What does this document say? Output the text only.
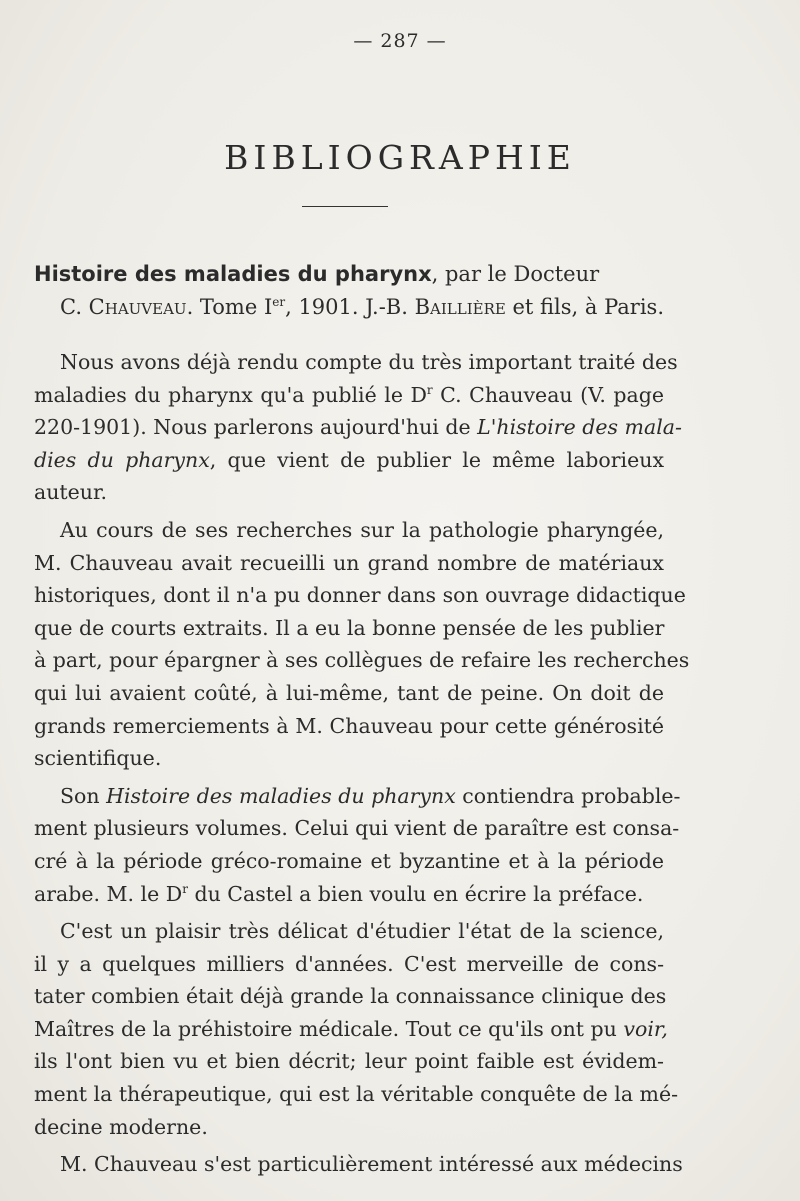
— 287 —
BIBLIOGRAPHIE
Histoire des maladies du pharynx, par le Docteur
C. Chauveau. Tome Ier, 1901. J.-B. Baillière et fils, à Paris.
Nous avons déjà rendu compte du très important traité des
maladies du pharynx qu'a publié le $D^r$ C. Chauveau (V. page
220-1901). Nous parlerons aujourd'hui de L'histoire des mala-
dies du pharynx, que vient de publier le même laborieux
auteur.
Au cours de ses recherches sur la pathologie pharyngée,
M. Chauveau avait recueilli un grand nombre de matériaux
historiques, dont il n'a pu donner dans son ouvrage didactique
que de courts extraits. Il a eu la bonne pensée de les publier
à part, pour épargner à ses collègues de refaire les recherches
qui lui avaient coûté, à lui-même, tant de peine. On doit de
grands remerciements à M. Chauveau pour cette générosité
scientifique.
Son Histoire des maladies du pharynx contiendra probable-
ment plusieurs volumes. Celui qui vient de paraître est consa-
cré à la période gréco-romaine et byzantine et à la période
arabe. M. le $D^r$ du Castel a bien voulu en écrire la préface.
C'est un plaisir très délicat d'étudier l'état de la science,
il y a quelques milliers d'années. C'est merveille de cons-
tater combien était déjà grande la connaissance clinique des
Maîtres de la préhistoire médicale. Tout ce qu'ils ont pu voir,
ils l'ont bien vu et bien décrit; leur point faible est évidem-
ment la thérapeutique, qui est la véritable conquête de la mé-
decine moderne.
M. Chauveau s'est particulièrement intéressé aux médecins
